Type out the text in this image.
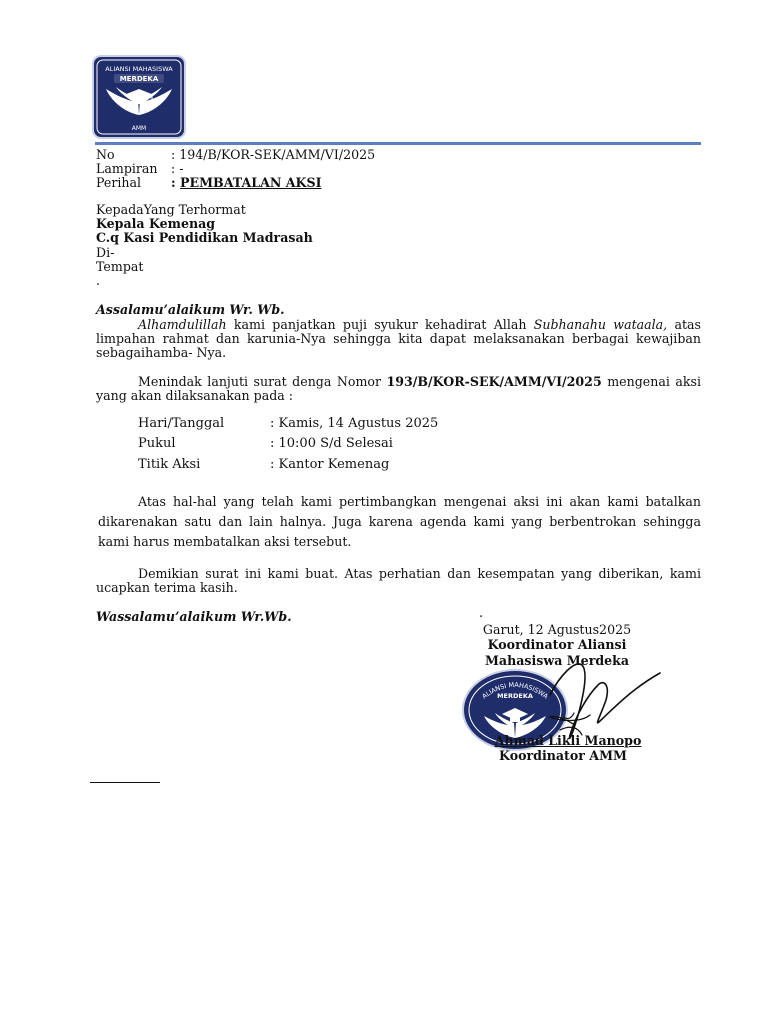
ALIANSI MAHASISWA
MERDEKA
AMM
No	: 194/B/KOR-SEK/AMM/VI/2025
Lampiran : -
Perihal : PEMBATALAN AKSI
KepadaYang Terhormat
Kepala Kemenag
C.q Kasi Pendidikan Madrasah
Di-
Tempat
.
Assalamu’alaikum Wr. Wb.
Alhamdulillah kami panjatkan puji syukur kehadirat Allah Subhanahu wataala, atas limpahan rahmat dan karunia-Nya sehingga kita dapat melaksanakan berbagai kewajiban sebagaihamba- Nya.
Menindak lanjuti surat denga Nomor 193/B/KOR-SEK/AMM/VI/2025 mengenai aksi yang akan dilaksanakan pada :
Hari/Tanggal	: Kamis, 14 Agustus 2025
Pukul	: 10:00 S/d Selesai
Titik Aksi	: Kantor Kemenag
Atas hal-hal yang telah kami pertimbangkan mengenai aksi ini akan kami batalkan dikarenakan satu dan lain halnya. Juga karena agenda kami yang berbentrokan sehingga kami harus membatalkan aksi tersebut.
Demikian surat ini kami buat. Atas perhatian dan kesempatan yang diberikan, kami ucapkan terima kasih.
Wassalamu’alaikum Wr.Wb.	.
Garut, 12 Agustus2025
Koordinator Aliansi
Mahasiswa Merdeka
ALIANSI MAHASISWA
MERDEKA
Ahmad Likli Manopo
Koordinator AMM
